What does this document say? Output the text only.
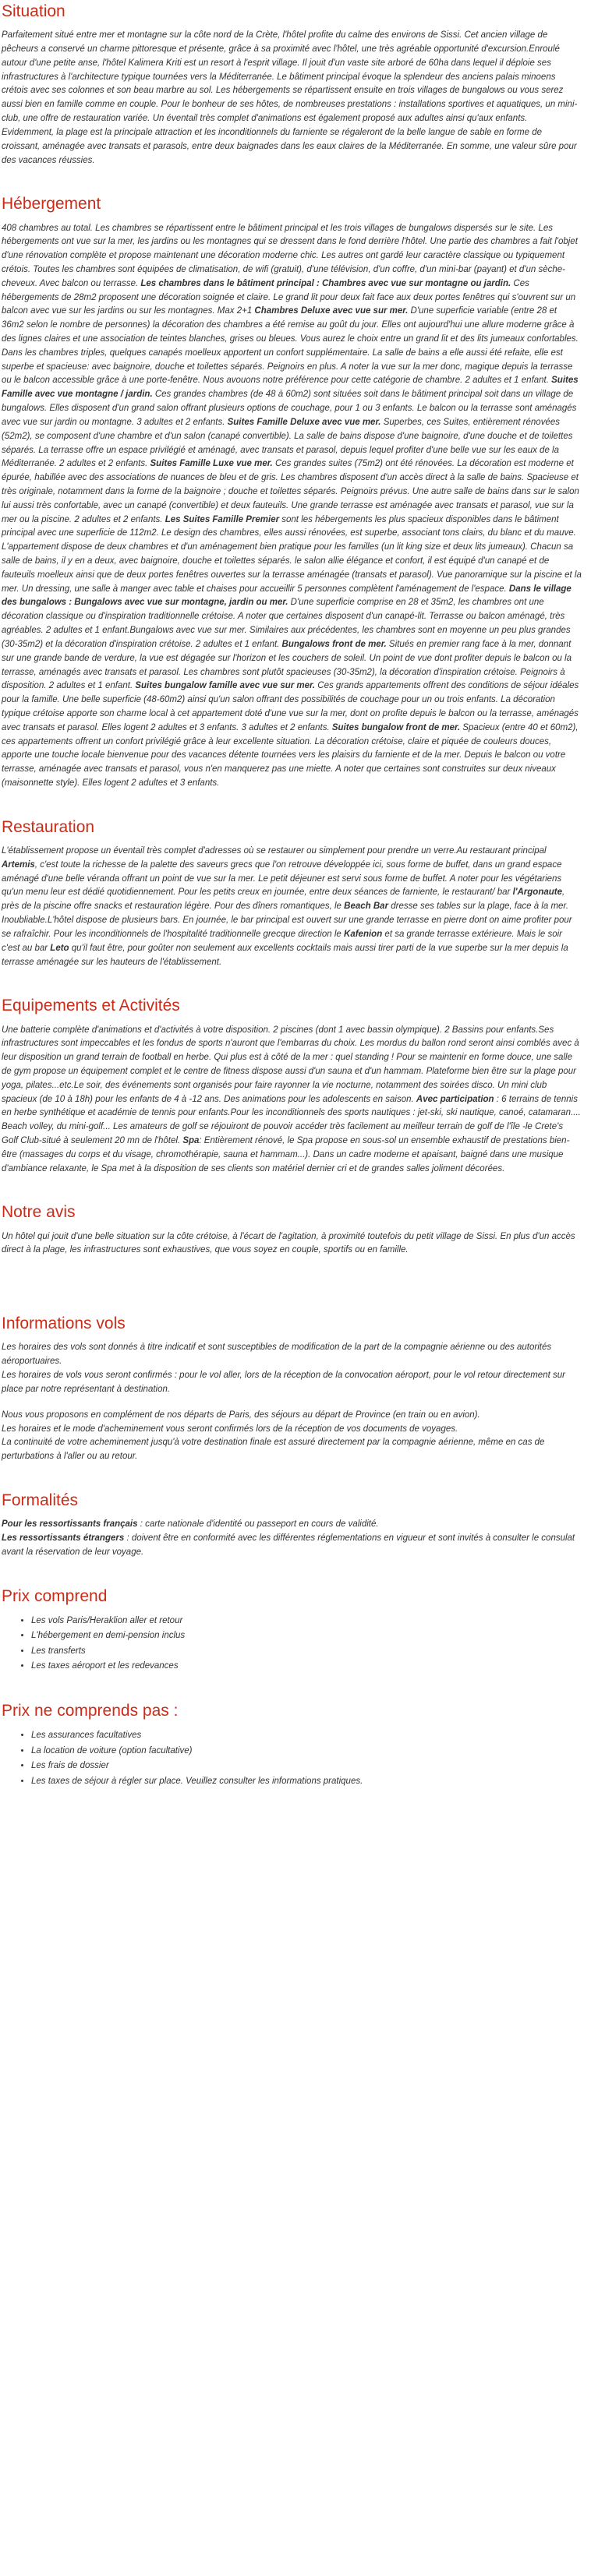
Situation

Parfaitement situé entre mer et montagne sur la côte nord de la Crète, l'hôtel profite du calme des environs de Sissi. Cet ancien village de pêcheurs a conservé un charme pittoresque et présente, grâce à sa proximité avec l'hôtel, une très agréable opportunité d'excursion.Enroulé autour d'une petite anse, l'hôtel Kalimera Kriti est un resort à l'esprit village. Il jouit d'un vaste site arboré de 60ha dans lequel il déploie ses infrastructures à l'architecture typique tournées vers la Méditerranée. Le bâtiment principal évoque la splendeur des anciens palais minoens crétois avec ses colonnes et son beau marbre au sol. Les hébergements se répartissent ensuite en trois villages de bungalows ou vous serez aussi bien en famille comme en couple. Pour le bonheur de ses hôtes, de nombreuses prestations : installations sportives et aquatiques, un mini-club, une offre de restauration variée. Un éventail très complet d'animations est également proposé aux adultes ainsi qu'aux enfants. Evidemment, la plage est la principale attraction et les inconditionnels du farniente se régaleront de la belle langue de sable en forme de croissant, aménagée avec transats et parasols, entre deux baignades dans les eaux claires de la Méditerranée. En somme, une valeur sûre pour des vacances réussies.

Hébergement

408 chambres au total. Les chambres se répartissent entre le bâtiment principal et les trois villages de bungalows dispersés sur le site. Les hébergements ont vue sur la mer, les jardins ou les montagnes qui se dressent dans le fond derrière l'hôtel. Une partie des chambres a fait l'objet d'une rénovation complète et propose maintenant une décoration moderne chic. Les autres ont gardé leur caractère classique ou typiquement crétois. Toutes les chambres sont équipées de climatisation, de wifi (gratuit), d'une télévision, d'un coffre, d'un mini-bar (payant) et d'un sèche-cheveux. Avec balcon ou terrasse. Les chambres dans le bâtiment principal : Chambres avec vue sur montagne ou jardin. Ces hébergements de 28m2 proposent une décoration soignée et claire. Le grand lit pour deux fait face aux deux portes fenêtres qui s'ouvrent sur un balcon avec vue sur les jardins ou sur les montagnes. Max 2+1 Chambres Deluxe avec vue sur mer. D'une superficie variable (entre 28 et 36m2 selon le nombre de personnes) la décoration des chambres a été remise au goût du jour. Elles ont aujourd'hui une allure moderne grâce à des lignes claires et une association de teintes blanches, grises ou bleues. Vous aurez le choix entre un grand lit et des lits jumeaux confortables. Dans les chambres triples, quelques canapés moelleux apportent un confort supplémentaire. La salle de bains a elle aussi été refaite, elle est superbe et spacieuse: avec baignoire, douche et toilettes séparés. Peignoirs en plus. A noter la vue sur la mer donc, magique depuis la terrasse ou le balcon accessible grâce à une porte-fenêtre. Nous avouons notre préférence pour cette catégorie de chambre. 2 adultes et 1 enfant. Suites Famille avec vue montagne / jardin. Ces grandes chambres (de 48 à 60m2) sont situées soit dans le bâtiment principal soit dans un village de bungalows. Elles disposent d'un grand salon offrant plusieurs options de couchage, pour 1 ou 3 enfants. Le balcon ou la terrasse sont aménagés avec vue sur jardin ou montagne. 3 adultes et 2 enfants. Suites Famille Deluxe avec vue mer. Superbes, ces Suites, entièrement rénovées (52m2), se composent d'une chambre et d'un salon (canapé convertible). La salle de bains dispose d'une baignoire, d'une douche et de toilettes séparés. La terrasse offre un espace privilégié et aménagé, avec transats et parasol, depuis lequel profiter d'une belle vue sur les eaux de la Méditerranée. 2 adultes et 2 enfants. Suites Famille Luxe vue mer. Ces grandes suites (75m2) ont été rénovées. La décoration est moderne et épurée, habillée avec des associations de nuances de bleu et de gris. Les chambres disposent d'un accès direct à la salle de bains. Spacieuse et très originale, notamment dans la forme de la baignoire ; douche et toilettes séparés. Peignoirs prévus. Une autre salle de bains dans sur le salon lui aussi très confortable, avec un canapé (convertible) et deux fauteuils. Une grande terrasse est aménagée avec transats et parasol, vue sur la mer ou la piscine. 2 adultes et 2 enfants. Les Suites Famille Premier sont les hébergements les plus spacieux disponibles dans le bâtiment principal avec une superficie de 112m2. Le design des chambres, elles aussi rénovées, est superbe, associant tons clairs, du blanc et du mauve. L'appartement dispose de deux chambres et d'un aménagement bien pratique pour les familles (un lit king size et deux lits jumeaux). Chacun sa salle de bains, il y en a deux, avec baignoire, douche et toilettes séparés. le salon allie élégance et confort, il est équipé d'un canapé et de fauteuils moelleux ainsi que de deux portes fenêtres ouvertes sur la terrasse aménagée (transats et parasol). Vue panoramique sur la piscine et la mer. Un dressing, une salle à manger avec table et chaises pour accueillir 5 personnes complètent l'aménagement de l'espace. Dans le village des bungalows : Bungalows avec vue sur montagne, jardin ou mer. D'une superficie comprise en 28 et 35m2, les chambres ont une décoration classique ou d'inspiration traditionnelle crétoise. A noter que certaines disposent d'un canapé-lit. Terrasse ou balcon aménagé, très agréables. 2 adultes et 1 enfant.Bungalows avec vue sur mer. Similaires aux précédentes, les chambres sont en moyenne un peu plus grandes (30-35m2) et la décoration d'inspiration crétoise. 2 adultes et 1 enfant. Bungalows front de mer. Situés en premier rang face à la mer, donnant sur une grande bande de verdure, la vue est dégagée sur l'horizon et les couchers de soleil. Un point de vue dont profiter depuis le balcon ou la terrasse, aménagés avec transats et parasol. Les chambres sont plutôt spacieuses (30-35m2), la décoration d'inspiration crétoise. Peignoirs à disposition. 2 adultes et 1 enfant. Suites bungalow famille avec vue sur mer. Ces grands appartements offrent des conditions de séjour idéales pour la famille. Une belle superficie (48-60m2) ainsi qu'un salon offrant des possibilités de couchage pour un ou trois enfants. La décoration typique crétoise apporte son charme local à cet appartement doté d'une vue sur la mer, dont on profite depuis le balcon ou la terrasse, aménagés avec transats et parasol. Elles logent 2 adultes et 3 enfants. 3 adultes et 2 enfants. Suites bungalow front de mer. Spacieux (entre 40 et 60m2), ces appartements offrent un confort privilégié grâce à leur excellente situation. La décoration crétoise, claire et piquée de couleurs douces, apporte une touche locale bienvenue pour des vacances détente tournées vers les plaisirs du farniente et de la mer. Depuis le balcon ou votre terrasse, aménagée avec transats et parasol, vous n'en manquerez pas une miette. A noter que certaines sont construites sur deux niveaux (maisonnette style). Elles logent 2 adultes et 3 enfants.

Restauration

L'établissement propose un éventail très complet d'adresses où se restaurer ou simplement pour prendre un verre.Au restaurant principal Artemis, c'est toute la richesse de la palette des saveurs grecs que l'on retrouve développée ici, sous forme de buffet, dans un grand espace aménagé d'une belle véranda offrant un point de vue sur la mer. Le petit déjeuner est servi sous forme de buffet. A noter pour les végétariens qu'un menu leur est dédié quotidiennement. Pour les petits creux en journée, entre deux séances de farniente, le restaurant/ bar l'Argonaute, près de la piscine offre snacks et restauration légère. Pour des dîners romantiques, le Beach Bar dresse ses tables sur la plage, face à la mer. Inoubliable.L'hôtel dispose de plusieurs bars. En journée, le bar principal est ouvert sur une grande terrasse en pierre dont on aime profiter pour se rafraîchir. Pour les inconditionnels de l'hospitalité traditionnelle grecque direction le Kafenion et sa grande terrasse extérieure. Mais le soir c'est au bar Leto qu'il faut être, pour goûter non seulement aux excellents cocktails mais aussi tirer parti de la vue superbe sur la mer depuis la terrasse aménagée sur les hauteurs de l'établissement.

Equipements et Activités

Une batterie complète d'animations et d'activités à votre disposition. 2 piscines (dont 1 avec bassin olympique). 2 Bassins pour enfants.Ses infrastructures sont impeccables et les fondus de sports n'auront que l'embarras du choix. Les mordus du ballon rond seront ainsi comblés avec à leur disposition un grand terrain de football en herbe. Qui plus est à côté de la mer : quel standing ! Pour se maintenir en forme douce, une salle de gym propose un équipement complet et le centre de fitness dispose aussi d'un sauna et d'un hammam. Plateforme bien être sur la plage pour yoga, pilates...etc.Le soir, des événements sont organisés pour faire rayonner la vie nocturne, notamment des soirées disco. Un mini club spacieux (de 10 à 18h) pour les enfants de 4 à -12 ans. Des animations pour les adolescents en saison. Avec participation : 6 terrains de tennis en herbe synthétique et académie de tennis pour enfants.Pour les inconditionnels des sports nautiques : jet-ski, ski nautique, canoé, catamaran.... Beach volley, du mini-golf... Les amateurs de golf se réjouiront de pouvoir accéder très facilement au meilleur terrain de golf de l'île -le Crete's Golf Club-situé à seulement 20 mn de l'hôtel. Spa: Entièrement rénové, le Spa propose en sous-sol un ensemble exhaustif de prestations bien-être (massages du corps et du visage, chromothérapie, sauna et hammam...). Dans un cadre moderne et apaisant, baigné dans une musique d'ambiance relaxante, le Spa met à la disposition de ses clients son matériel dernier cri et de grandes salles joliment décorées.

Notre avis

Un hôtel qui jouit d'une belle situation sur la côte crétoise, à l'écart de l'agitation, à proximité toutefois du petit village de Sissi. En plus d'un accès direct à la plage, les infrastructures sont exhaustives, que vous soyez en couple, sportifs ou en famille.

Informations vols

Les horaires des vols sont donnés à titre indicatif et sont susceptibles de modification de la part de la compagnie aérienne ou des autorités aéroportuaires.

Les horaires de vols vous seront confirmés : pour le vol aller, lors de la réception de la convocation aéroport, pour le vol retour directement sur place par notre représentant à destination.

Nous vous proposons en complément de nos départs de Paris, des séjours au départ de Province (en train ou en avion).

Les horaires et le mode d'acheminement vous seront confirmés lors de la réception de vos documents de voyages.

La continuité de votre acheminement jusqu'à votre destination finale est assuré directement par la compagnie aérienne, même en cas de perturbations à l'aller ou au retour.

Formalités

Pour les ressortissants français : carte nationale d'identité ou passeport en cours de validité.

Les ressortissants étrangers : doivent être en conformité avec les différentes réglementations en vigueur et sont invités à consulter le consulat avant la réservation de leur voyage.

Prix comprend
• Les vols Paris/Heraklion aller et retour
• L'hébergement en demi-pension inclus
• Les transferts
• Les taxes aéroport et les redevances
Prix ne comprends pas :
• Les assurances facultatives
• La location de voiture (option facultative)
• Les frais de dossier
• Les taxes de séjour à régler sur place. Veuillez consulter les informations pratiques.
